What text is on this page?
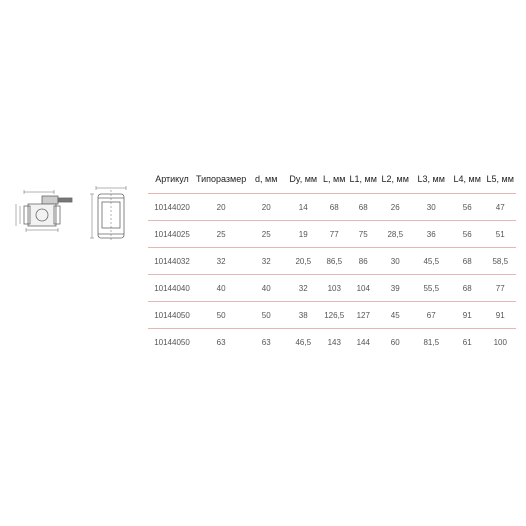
Артикул	Типоразмер	d, мм	Dy, мм	L, мм	L1, мм	L2, мм	L3, мм	L4, мм	L5, мм
10144020	20	20	14	68	68	26	30	56	47
10144025	25	25	19	77	75	28,5	36	56	51
10144032	32	32	20,5	86,5	86	30	45,5	68	58,5
10144040	40	40	32	103	104	39	55,5	68	77
10144050	50	50	38	126,5	127	45	67	91	91
10144050	63	63	46,5	143	144	60	81,5	61	100
